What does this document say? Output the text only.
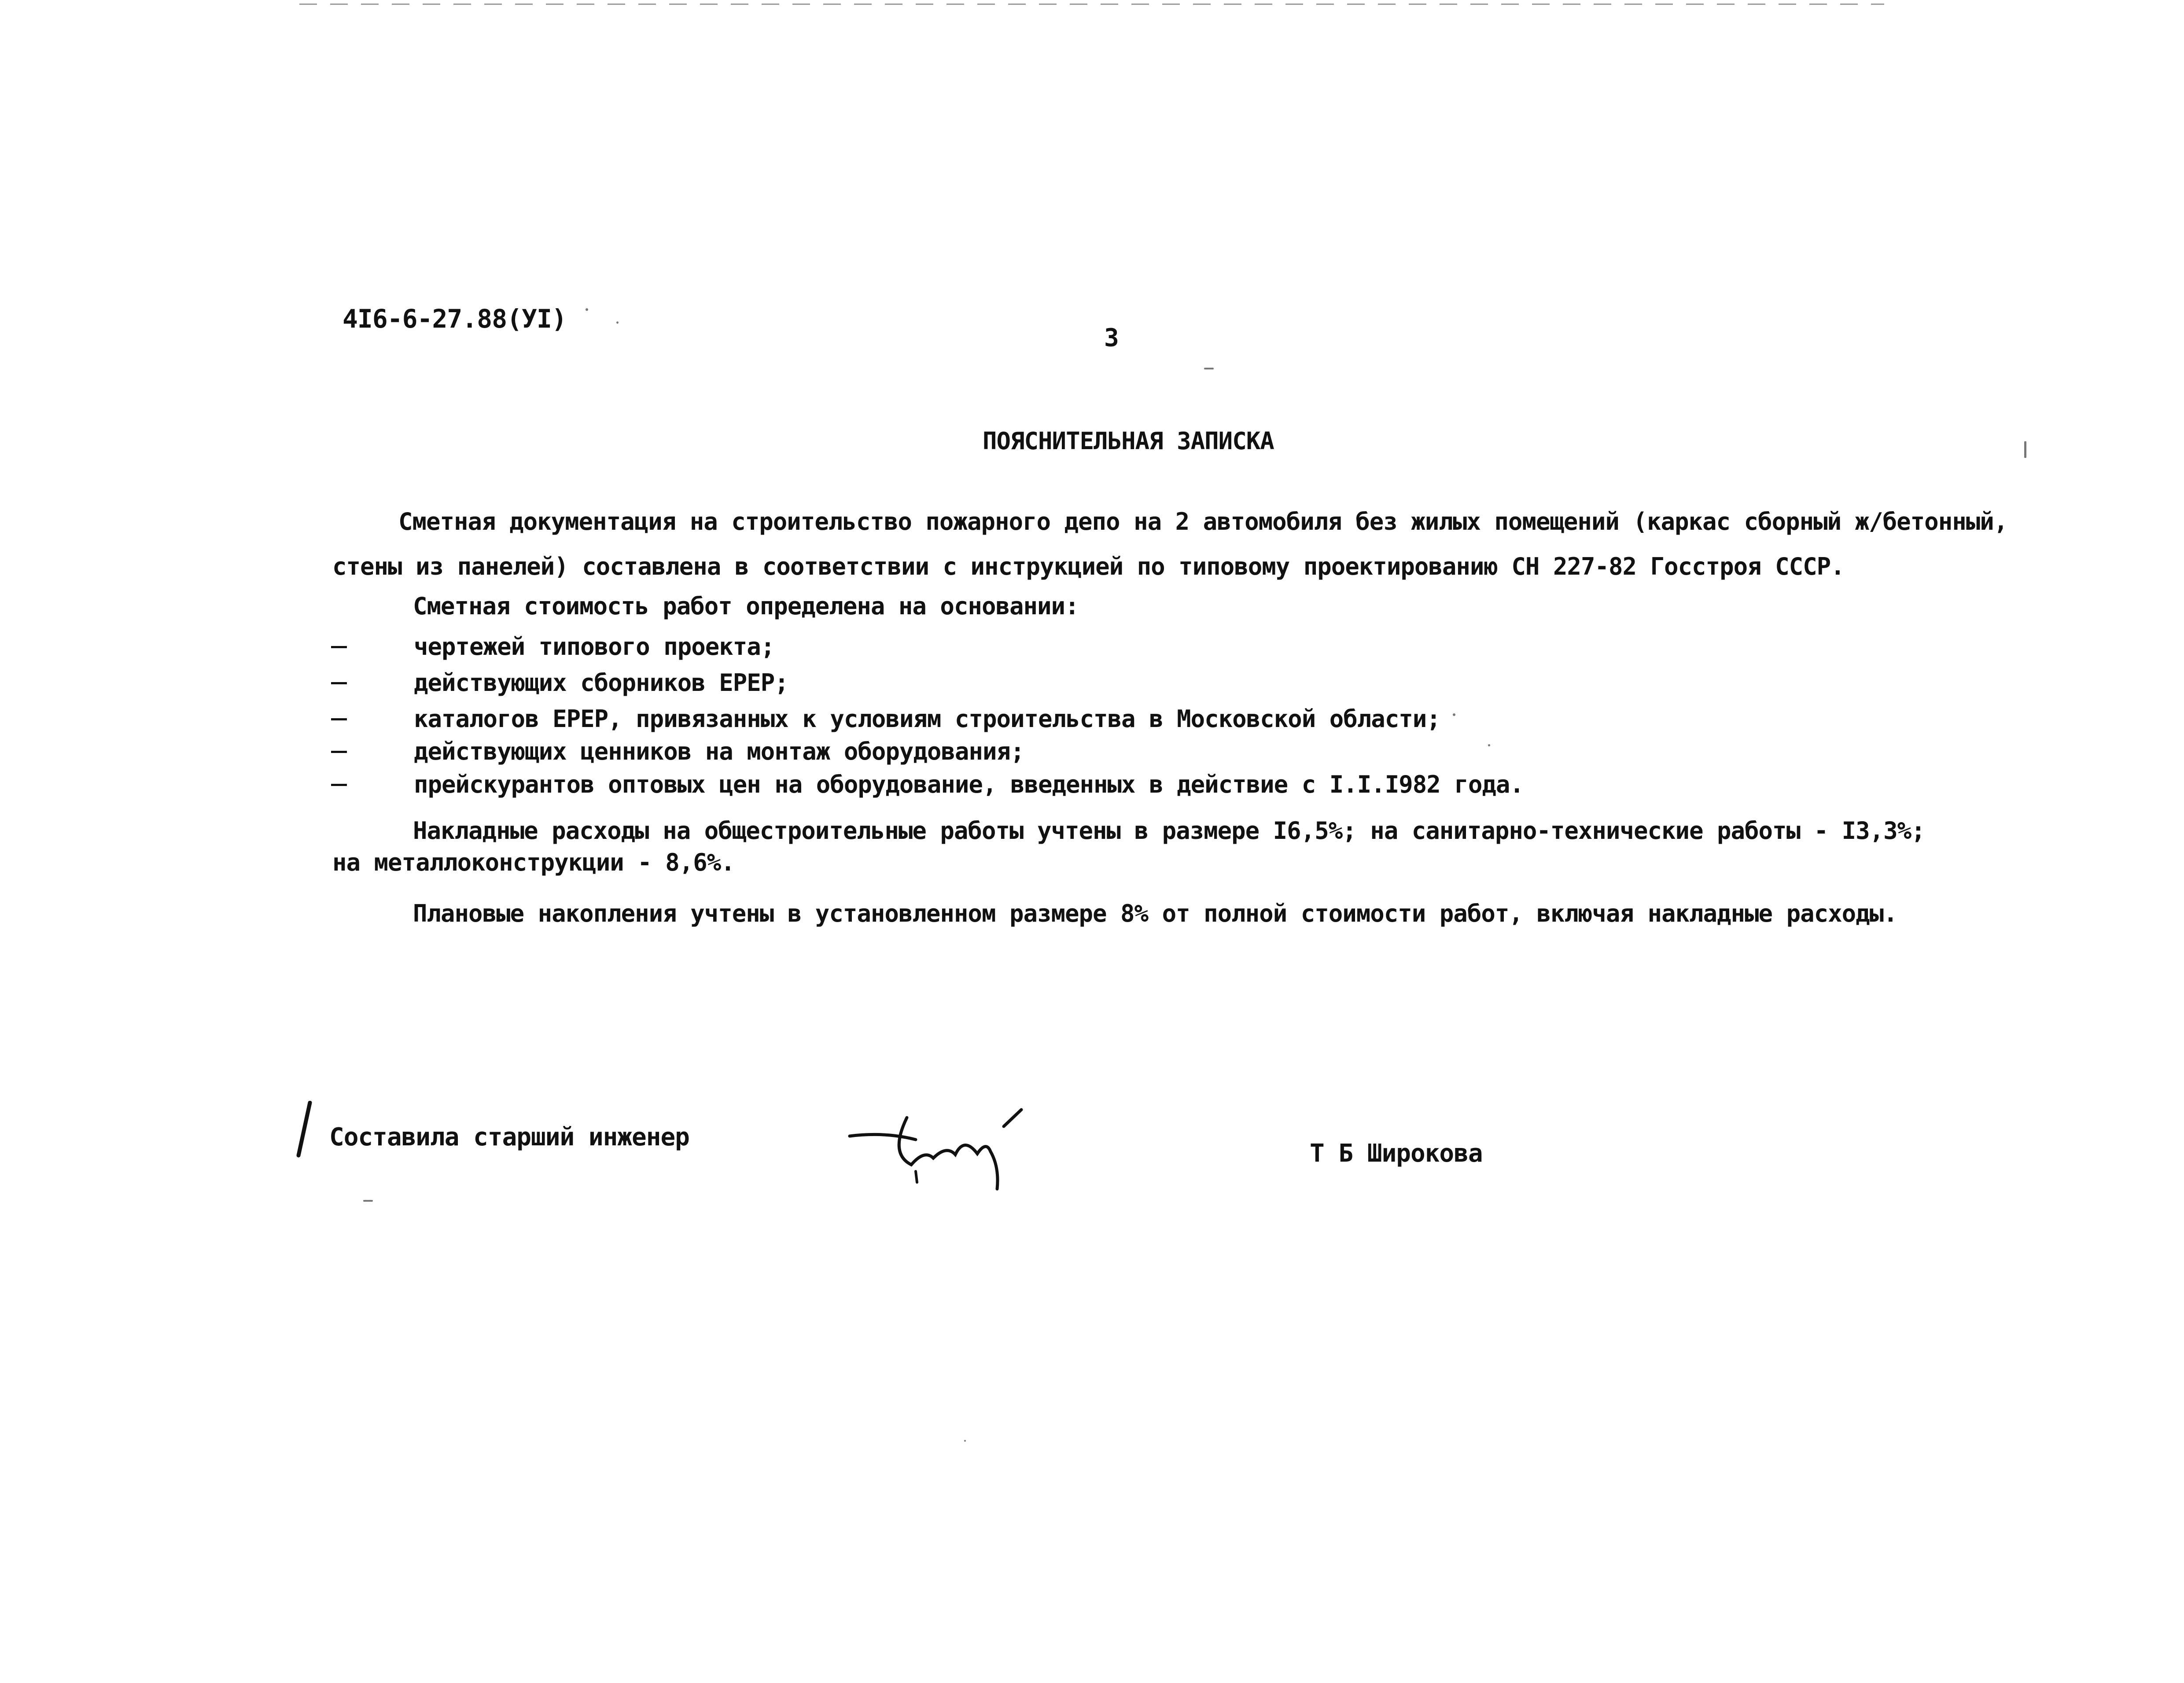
4I6-6-27.88(УI)
3
ПОЯСНИТЕЛЬНАЯ ЗАПИСКА
Сметная документация на строительство пожарного депо на 2 автомобиля без жилых помещений (каркас сборный ж/бетонный,
стены из панелей) составлена в соответствии с инструкцией по типовому проектированию СН 227-82 Госстроя СССР.
Сметная стоимость работ определена на основании:
чертежей типового проекта;
действующих сборников ЕРЕР;
каталогов ЕРЕР, привязанных к условиям строительства в Московской области;
действующих ценников на монтаж оборудования;
прейскурантов оптовых цен на оборудование, введенных в действие с I.I.I982 года.
Накладные расходы на общестроительные работы учтены в размере I6,5%; на санитарно-технические работы - I3,3%;
на металлоконструкции - 8,6%.
Плановые накопления учтены в установленном размере 8% от полной стоимости работ, включая накладные расходы.
Составила старший инженер
Т Б Широкова
